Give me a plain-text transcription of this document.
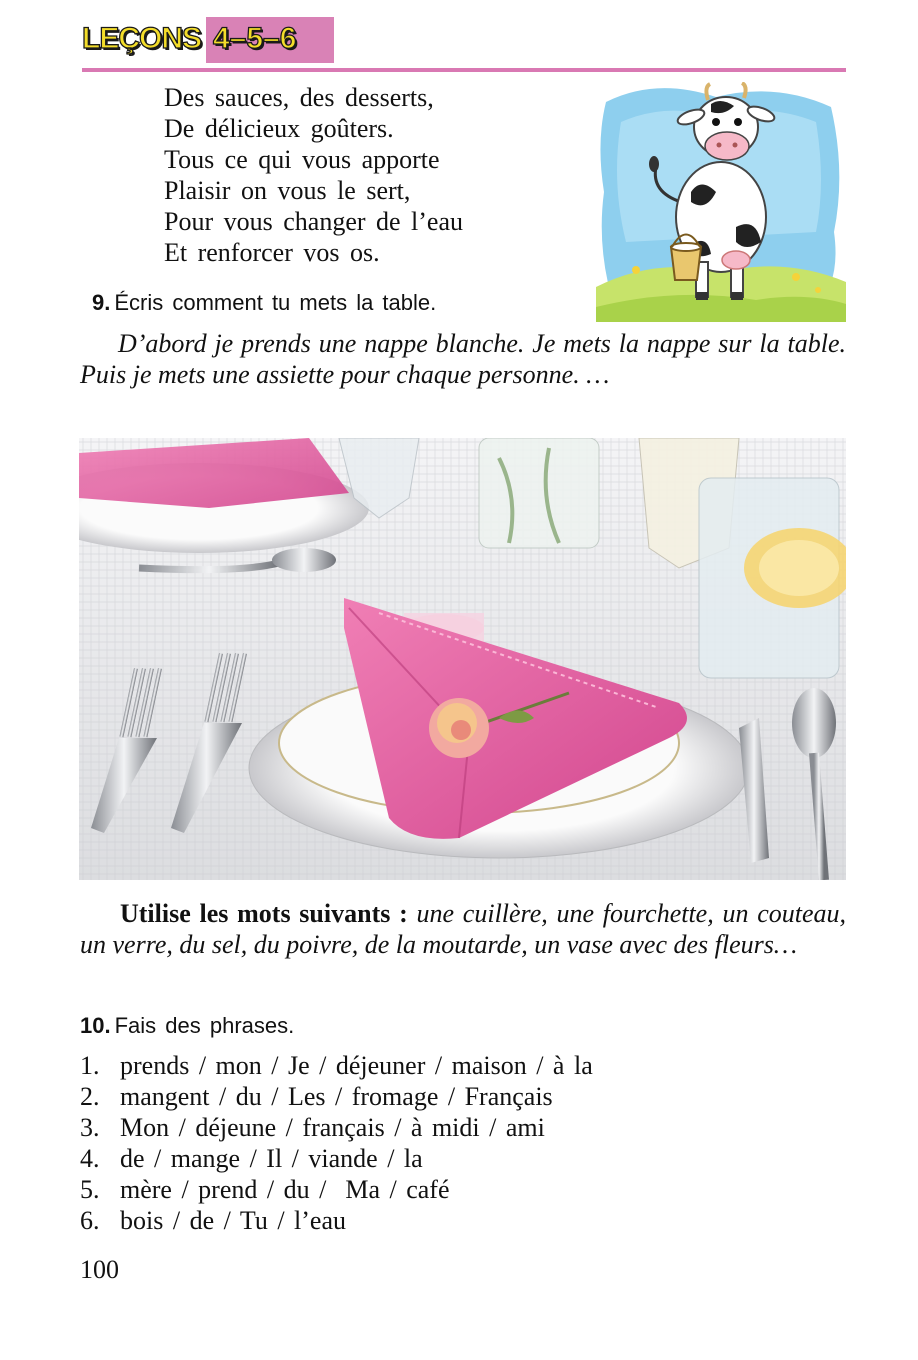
LEÇONS 4–5–6
Des sauces, des desserts,
De délicieux goûters.
Tous ce qui vous apporte
Plaisir on vous le sert,
Pour vous changer de l’eau
Et renforcer vos os.
9. Écris comment tu mets la table.

D’abord je prends une nappe blanche. Je mets la nappe sur la table. Puis je mets une assiette pour chaque personne. …

Utilise les mots suivants : une cuillère, une fourchette, un couteau, un verre, du sel, du poivre, de la moutarde, un vase avec des fleurs…

10. Fais des phrases.
1. prends / mon / Je / déjeuner / maison / à la
2. mangent / du / Les / fromage / Français
3. Mon / déjeune / français / à midi / ami
4. de / mange / Il / viande / la
5. mère / prend / du /  Ma / café
6. bois / de / Tu / l’eau
100
